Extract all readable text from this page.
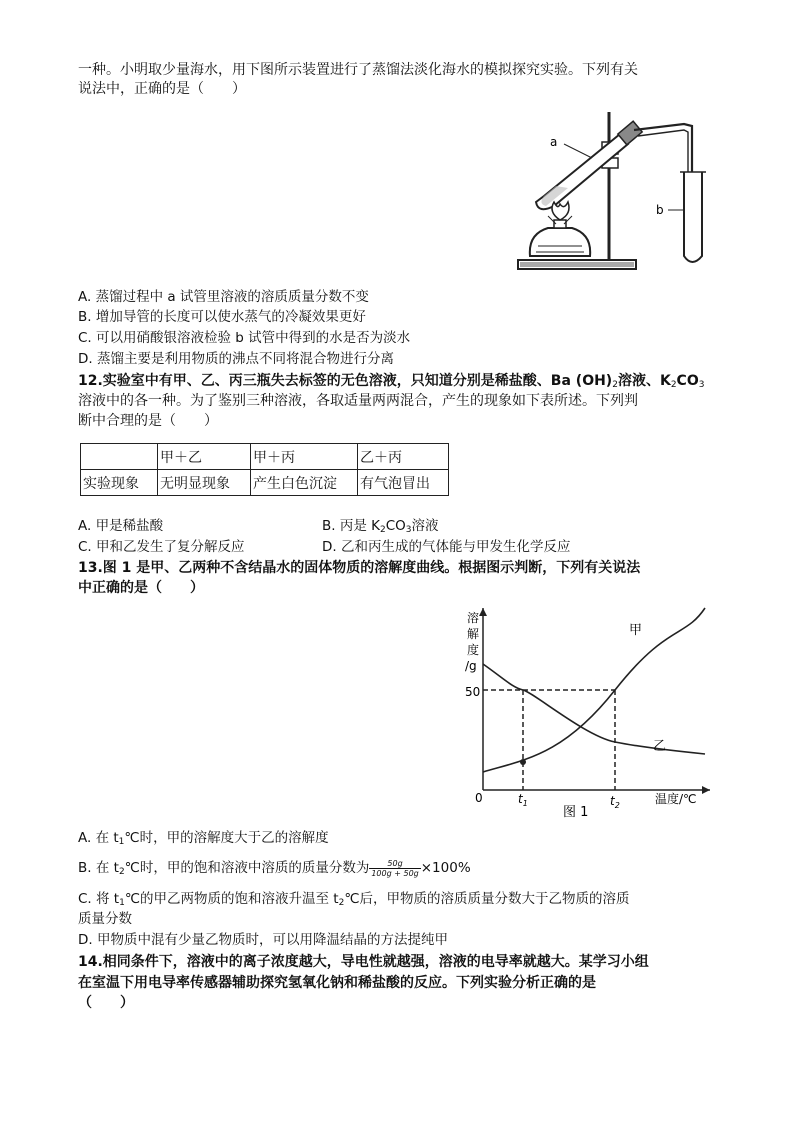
一种。小明取少量海水，用下图所示装置进行了蒸馏法淡化海水的模拟探究实验。下列有关
说法中，正确的是（　　）
a
b
A. 蒸馏过程中 a 试管里溶液的溶质质量分数不变
B. 增加导管的长度可以使水蒸气的冷凝效果更好
C. 可以用硝酸银溶液检验 b 试管中得到的水是否为淡水
D. 蒸馏主要是利用物质的沸点不同将混合物进行分离
12.实验室中有甲、乙、丙三瓶失去标签的无色溶液，只知道分别是稀盐酸、Ba $(OH)_2$溶液、$K_2CO_3$
溶液中的各一种。为了鉴别三种溶液，各取适量两两混合，产生的现象如下表所述。下列判
断中合理的是（　　）
	甲＋乙	甲＋丙	乙＋丙
实验现象	无明显现象	产生白色沉淀	有气泡冒出
A. 甲是稀盐酸	B. 丙是 $K_2CO_3$溶液
C. 甲和乙发生了复分解反应	D. 乙和丙生成的气体能与甲发生化学反应
13.图 1 是甲、乙两种不含结晶水的固体物质的溶解度曲线。根据图示判断，下列有关说法
中正确的是（　　）
溶
解
度
/g
50
0	$t_1$	$t_2$
甲
乙
温度/℃
图 1
A. 在 $t_1℃$时，甲的溶解度大于乙的溶解度
B. 在 $t_2℃$时，甲的饱和溶液中溶质的质量分数为 $\frac{50g}{100g + 50g} \times 100\%$
C. 将 $t_1℃$的甲乙两物质的饱和溶液升温至 $t_2℃$后，甲物质的溶质质量分数大于乙物质的溶质
质量分数
D. 甲物质中混有少量乙物质时，可以用降温结晶的方法提纯甲
14.相同条件下，溶液中的离子浓度越大，导电性就越强，溶液的电导率就越大。某学习小组
在室温下用电导率传感器辅助探究氢氧化钠和稀盐酸的反应。下列实验分析正确的是
（　　）
